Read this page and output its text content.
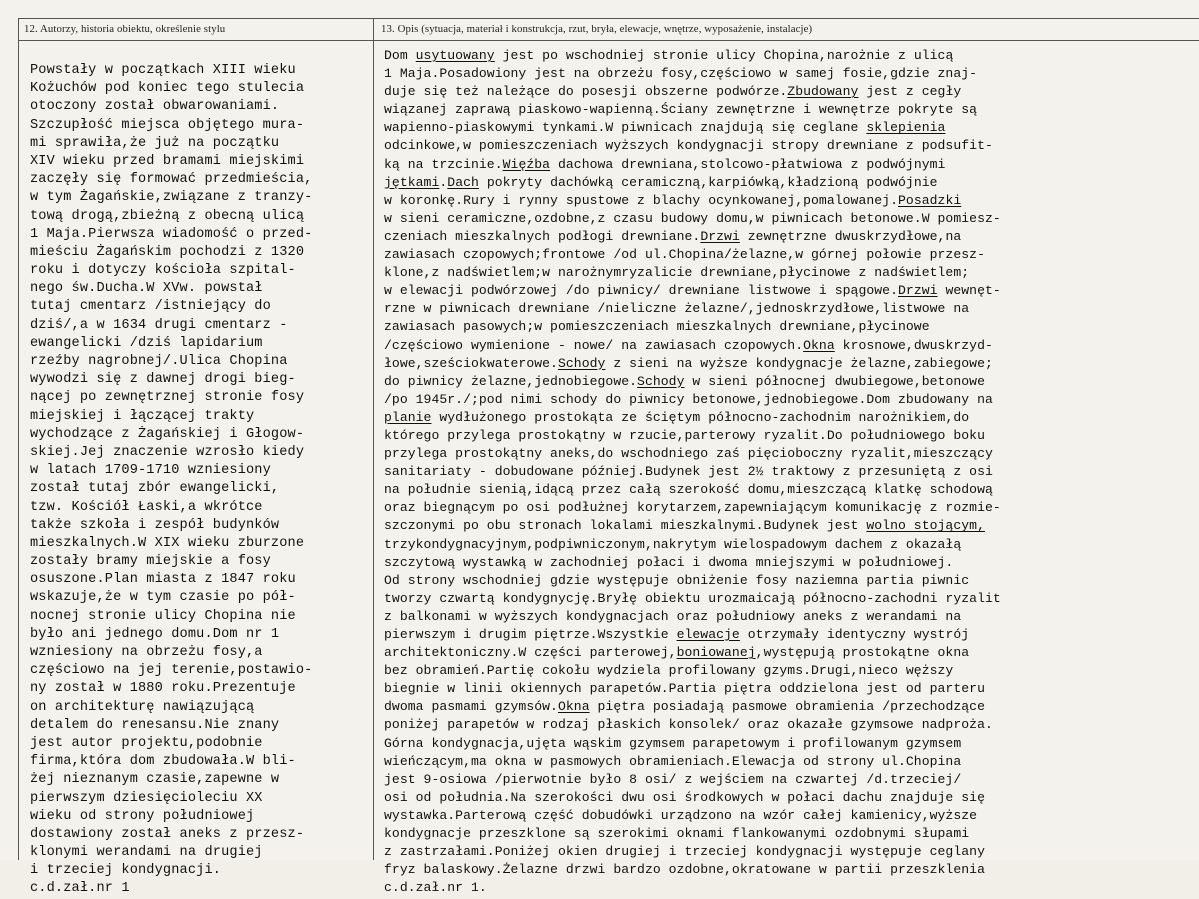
12. Autorzy, historia obiektu, określenie stylu	13. Opis (sytuacja, materiał i konstrukcja, rzut, bryła, elewacje, wnętrze, wyposażenie, instalacje)
Powstały w początkach XIII wieku
Kożuchów pod koniec tego stulecia
otoczony został obwarowaniami.
Szczupłość miejsca objętego mura-
mi sprawiła,że już na początku
XIV wieku przed bramami miejskimi
zaczęły się formować przedmieścia,
w tym Żagańskie,związane z tranzy-
tową drogą,zbieżną z obecną ulicą
1 Maja.Pierwsza wiadomość o przed-
mieściu Żagańskim pochodzi z 1320
roku i dotyczy kościoła szpital-
nego św.Ducha.W XVw. powstał
tutaj cmentarz /istniejący do
dziś/,a w 1634 drugi cmentarz -
ewangelicki /dziś lapidarium
rzeźby nagrobnej/.Ulica Chopina
wywodzi się z dawnej drogi bieg-
nącej po zewnętrznej stronie fosy
miejskiej i łączącej trakty
wychodzące z Żagańskiej i Głogow-
skiej.Jej znaczenie wzrosło kiedy
w latach 1709-1710 wzniesiony
został tutaj zbór ewangelicki,
tzw. Kościół Łaski,a wkrótce
także szkoła i zespół budynków
mieszkalnych.W XIX wieku zburzone
zostały bramy miejskie a fosy
osuszone.Plan miasta z 1847 roku
wskazuje,że w tym czasie po pół-
nocnej stronie ulicy Chopina nie
było ani jednego domu.Dom nr 1
wzniesiony na obrzeżu fosy,a
częściowo na jej terenie,postawio-
ny został w 1880 roku.Prezentuje
on architekturę nawiązującą
detalem do renesansu.Nie znany
jest autor projektu,podobnie
firma,która dom zbudowała.W bli-
żej nieznanym czasie,zapewne w
pierwszym dziesięcioleciu XX
wieku od strony południowej
dostawiony został aneks z przesz-
klonymi werandami na drugiej
i trzeciej kondygnacji.
c.d.zał.nr 1
Dom usytuowany jest po wschodniej stronie ulicy Chopina,narożnie z ulicą
1 Maja.Posadowiony jest na obrzeżu fosy,częściowo w samej fosie,gdzie znaj-
duje się też należące do posesji obszerne podwórze.Zbudowany jest z cegły
wiązanej zaprawą piaskowo-wapienną.Ściany zewnętrzne i wewnętrze pokryte są
wapienno-piaskowymi tynkami.W piwnicach znajdują się ceglane sklepienia
odcinkowe,w pomieszczeniach wyższych kondygnacji stropy drewniane z podsufit-
ką na trzcinie.Więźba dachowa drewniana,stolcowo-płatwiowa z podwójnymi
jętkami.Dach pokryty dachówką ceramiczną,karpiówką,kładzioną podwójnie
w koronkę.Rury i rynny spustowe z blachy ocynkowanej,pomalowanej.Posadzki
w sieni ceramiczne,ozdobne,z czasu budowy domu,w piwnicach betonowe.W pomiesz-
czeniach mieszkalnych podłogi drewniane.Drzwi zewnętrzne dwuskrzydłowe,na
zawiasach czopowych;frontowe /od ul.Chopina/żelazne,w górnej połowie przesz-
klone,z nadświetlem;w narożnymryzalicie drewniane,płycinowe z nadświetlem;
w elewacji podwórzowej /do piwnicy/ drewniane listwowe i spągowe.Drzwi wewnęt-
rzne w piwnicach drewniane /nieliczne żelazne/,jednoskrzydłowe,listwowe na
zawiasach pasowych;w pomieszczeniach mieszkalnych drewniane,płycinowe
/częściowo wymienione - nowe/ na zawiasach czopowych.Okna krosnowe,dwuskrzyd-
łowe,sześciokwaterowe.Schody z sieni na wyższe kondygnacje żelazne,zabiegowe;
do piwnicy żelazne,jednobiegowe.Schody w sieni północnej dwubiegowe,betonowe
/po 1945r./;pod nimi schody do piwnicy betonowe,jednobiegowe.Dom zbudowany na
planie wydłużonego prostokąta ze ściętym północno-zachodnim narożnikiem,do
którego przylega prostokątny w rzucie,parterowy ryzalit.Do południowego boku
przylega prostokątny aneks,do wschodniego zaś pięcioboczny ryzalit,mieszczący
sanitariaty - dobudowane później.Budynek jest 2½ traktowy z przesuniętą z osi
na południe sienią,idącą przez całą szerokość domu,mieszczącą klatkę schodową
oraz biegnącym po osi podłużnej korytarzem,zapewniającym komunikację z rozmie-
szczonymi po obu stronach lokalami mieszkalnymi.Budynek jest wolno stojącym,
trzykondygnacyjnym,podpiwniczonym,nakrytym wielospadowym dachem z okazałą
szczytową wystawką w zachodniej połaci i dwoma mniejszymi w południowej.
Od strony wschodniej gdzie występuje obniżenie fosy naziemna partia piwnic
tworzy czwartą kondygnycję.Bryłę obiektu urozmaicają północno-zachodni ryzalit
z balkonami w wyższych kondygnacjach oraz południowy aneks z werandami na
pierwszym i drugim piętrze.Wszystkie elewacje otrzymały identyczny wystrój
architektoniczny.W części parterowej,boniowanej,występują prostokątne okna
bez obramień.Partię cokołu wydziela profilowany gzyms.Drugi,nieco węższy
biegnie w linii okiennych parapetów.Partia piętra oddzielona jest od parteru
dwoma pasmami gzymsów.Okna piętra posiadają pasmowe obramienia /przechodzące
poniżej parapetów w rodzaj płaskich konsolek/ oraz okazałe gzymsowe nadproża.
Górna kondygnacja,ujęta wąskim gzymsem parapetowym i profilowanym gzymsem
wieńczącym,ma okna w pasmowych obramieniach.Elewacja od strony ul.Chopina
jest 9-osiowa /pierwotnie było 8 osi/ z wejściem na czwartej /d.trzeciej/
osi od południa.Na szerokości dwu osi środkowych w połaci dachu znajduje się
wystawka.Parterową część dobudówki urządzono na wzór całej kamienicy,wyższe
kondygnacje przeszklone są szerokimi oknami flankowanymi ozdobnymi słupami
z zastrzałami.Poniżej okien drugiej i trzeciej kondygnacji występuje ceglany
fryz balaskowy.Żelazne drzwi bardzo ozdobne,okratowane w partii przeszklenia
c.d.zał.nr 1.
